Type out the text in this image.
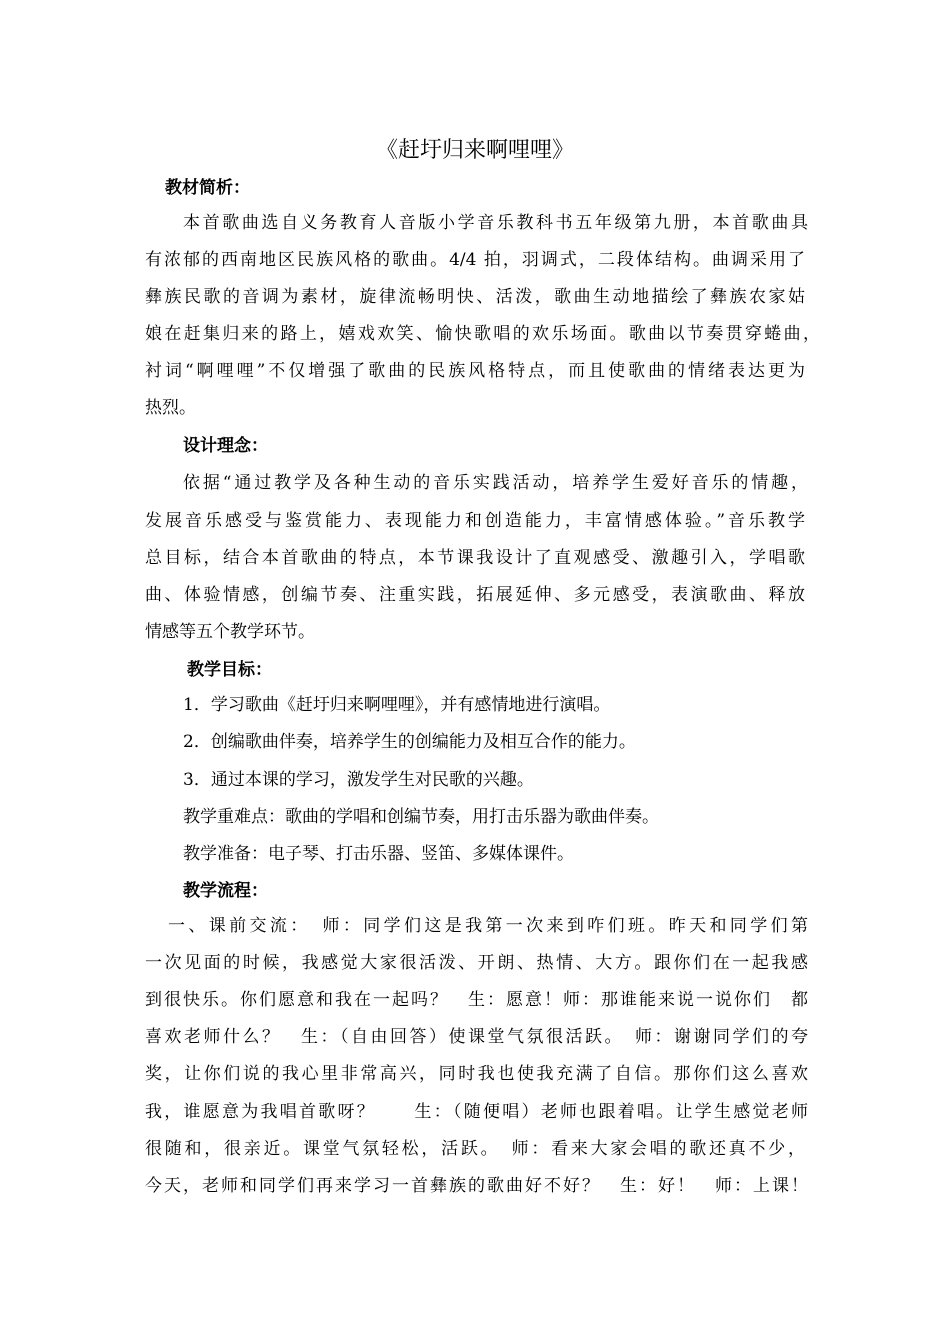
《赶圩归来啊哩哩》
教材简析：
本首歌曲选自义务教育人音版小学音乐教科书五年级第九册，本首歌曲具
有浓郁的西南地区民族风格的歌曲。4/4 拍，羽调式，二段体结构。曲调采用了
彝族民歌的音调为素材，旋律流畅明快、活泼，歌曲生动地描绘了彝族农家姑
娘在赶集归来的路上，嬉戏欢笑、愉快歌唱的欢乐场面。歌曲以节奏贯穿蜷曲，
衬词“啊哩哩”不仅增强了歌曲的民族风格特点，而且使歌曲的情绪表达更为
热烈。
设计理念：
依据“通过教学及各种生动的音乐实践活动，培养学生爱好音乐的情趣，
发展音乐感受与鉴赏能力、表现能力和创造能力，丰富情感体验。”音乐教学
总目标，结合本首歌曲的特点，本节课我设计了直观感受、激趣引入，学唱歌
曲、体验情感，创编节奏、注重实践，拓展延伸、多元感受，表演歌曲、释放
情感等五个教学环节。
教学目标：
1．学习歌曲《赶圩归来啊哩哩》，并有感情地进行演唱。
2．创编歌曲伴奏，培养学生的创编能力及相互合作的能力。
3．通过本课的学习，激发学生对民歌的兴趣。
教学重难点：歌曲的学唱和创编节奏，用打击乐器为歌曲伴奏。
教学准备：电子琴、打击乐器、竖笛、多媒体课件。
教学流程：
一、课前交流：　师：同学们这是我第一次来到咋们班。昨天和同学们第
一次见面的时候，我感觉大家很活泼、开朗、热情、大方。跟你们在一起我感
到很快乐。你们愿意和我在一起吗？　生：愿意！师：那谁能来说一说你们　都
喜欢老师什么？　生：（自由回答）使课堂气氛很活跃。　师：谢谢同学们的夸
奖，让你们说的我心里非常高兴，同时我也使我充满了自信。那你们这么喜欢
我，谁愿意为我唱首歌呀？　　生：（随便唱）老师也跟着唱。让学生感觉老师
很随和，很亲近。课堂气氛轻松，活跃。　师：看来大家会唱的歌还真不少，
今天，老师和同学们再来学习一首彝族的歌曲好不好？　生：好！　师：上课！
